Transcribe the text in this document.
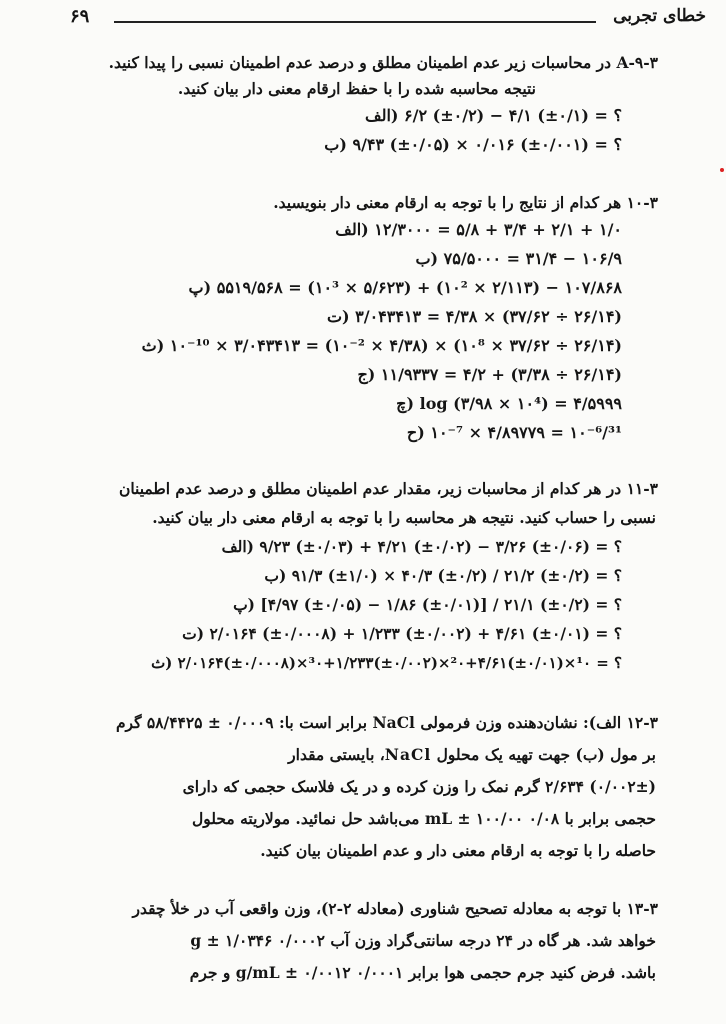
۶۹	خطای تجربی
A-۹-۳ در محاسبات زیر عدم اطمینان مطلق و درصد عدم اطمینان نسبی را پیدا کنید.
نتیجه محاسبه شده را با حفظ ارقام معنی دار بیان کنید.
؟ = (۰/۱±) ۴/۱ − (۰/۲±) ۶/۲ (الف
؟ = (۰/۰۰۱±) ۰/۰۱۶ × (۰/۰۵±) ۹/۴۳ (ب
۱۰-۳ هر کدام از نتایج را با توجه به ارقام معنی دار بنویسید.
۱/۰ + ۲/۱ + ۳/۴ + ۵/۸ = ۱۲/۳۰۰۰ (الف
۱۰۶/۹ − ۳۱/۴ = ۷۵/۵۰۰۰ (ب
۱۰۷/۸۶۸ − (۲/۱۱۳ × ۱۰²) + (۵/۶۲۳ × ۱۰³) = ۵۵۱۹/۵۶۸ (پ
(۲۶/۱۴ ÷ ۳۷/۶۲) × ۴/۳۸ = ۳/۰۴۳۴۱۳ (ت
(۲۶/۱۴ ÷ ۳۷/۶۲ × ۱۰⁸) × (۴/۳۸ × ۱۰⁻²) = ۳/۰۴۳۴۱۳ × ۱۰⁻¹⁰ (ث
(۲۶/۱۴ ÷ ۳/۳۸) + ۴/۲ = ۱۱/۹۳۳۷ (ج
log (۳/۹۸ × ۱۰⁴) = ۴/۵۹۹۹ (چ
۱۰⁻⁶/³¹ = ۴/۸۹۷۷۹ × ۱۰⁻⁷ (ح
۱۱-۳ در هر کدام از محاسبات زیر، مقدار عدم اطمینان مطلق و درصد عدم اطمینان
نسبی را حساب کنید. نتیجه هر محاسبه را با توجه به ارقام معنی دار بیان کنید.
؟ = (۰/۰۶±) ۳/۲۶ − (۰/۰۲±) ۴/۲۱ + (۰/۰۳±) ۹/۲۳ (الف
؟ = (۰/۲±) ۲۱/۲ / (۰/۲±) ۴۰/۳ × (۱/۰±) ۹۱/۳ (ب
؟ = (۰/۲±) ۲۱/۱ / [(۰/۰۱±) ۱/۸۶ − (۰/۰۵±) ۴/۹۷] (پ
؟ = (۰/۰۱±) ۴/۶۱ + (۰/۰۰۲±) ۱/۲۳۳ + (۰/۰۰۰۸±) ۲/۰۱۶۴ (ت
؟ = ¹۰×(۰/۰۱±)۴/۶۱+²۰×(۰/۰۰۲±)۱/۲۳۳+³۰×(۰/۰۰۰۸±)۲/۰۱۶۴ (ث
۱۲-۳ الف): نشان‌دهنده وزن فرمولی NaCl برابر است با: ۰/۰۰۰۹ ± ۵۸/۴۴۲۵ گرم
بر مول (ب) جهت تهیه یک محلول NaCl، بایستی مقدار
(۰/۰۰۲±) ۲/۶۳۴ گرم نمک را وزن کرده و در یک فلاسک حجمی که دارای
حجمی برابر با ۰/۰۸ mL ± ۱۰۰/۰۰ می‌باشد حل نمائید. مولاریته محلول
حاصله را با توجه به ارقام معنی دار و عدم اطمینان بیان کنید.
۱۳-۳ با توجه به معادله تصحیح شناوری (معادله ۲-۲)، وزن واقعی آب در خلأ چقدر
خواهد شد. هر گاه در ۲۴ درجه سانتی‌گراد وزن آب ۰/۰۰۰۲ g ± ۱/۰۳۴۶
باشد. فرض کنید جرم حجمی هوا برابر ۰/۰۰۰۱ g/mL ± ۰/۰۰۱۲ و جرم
